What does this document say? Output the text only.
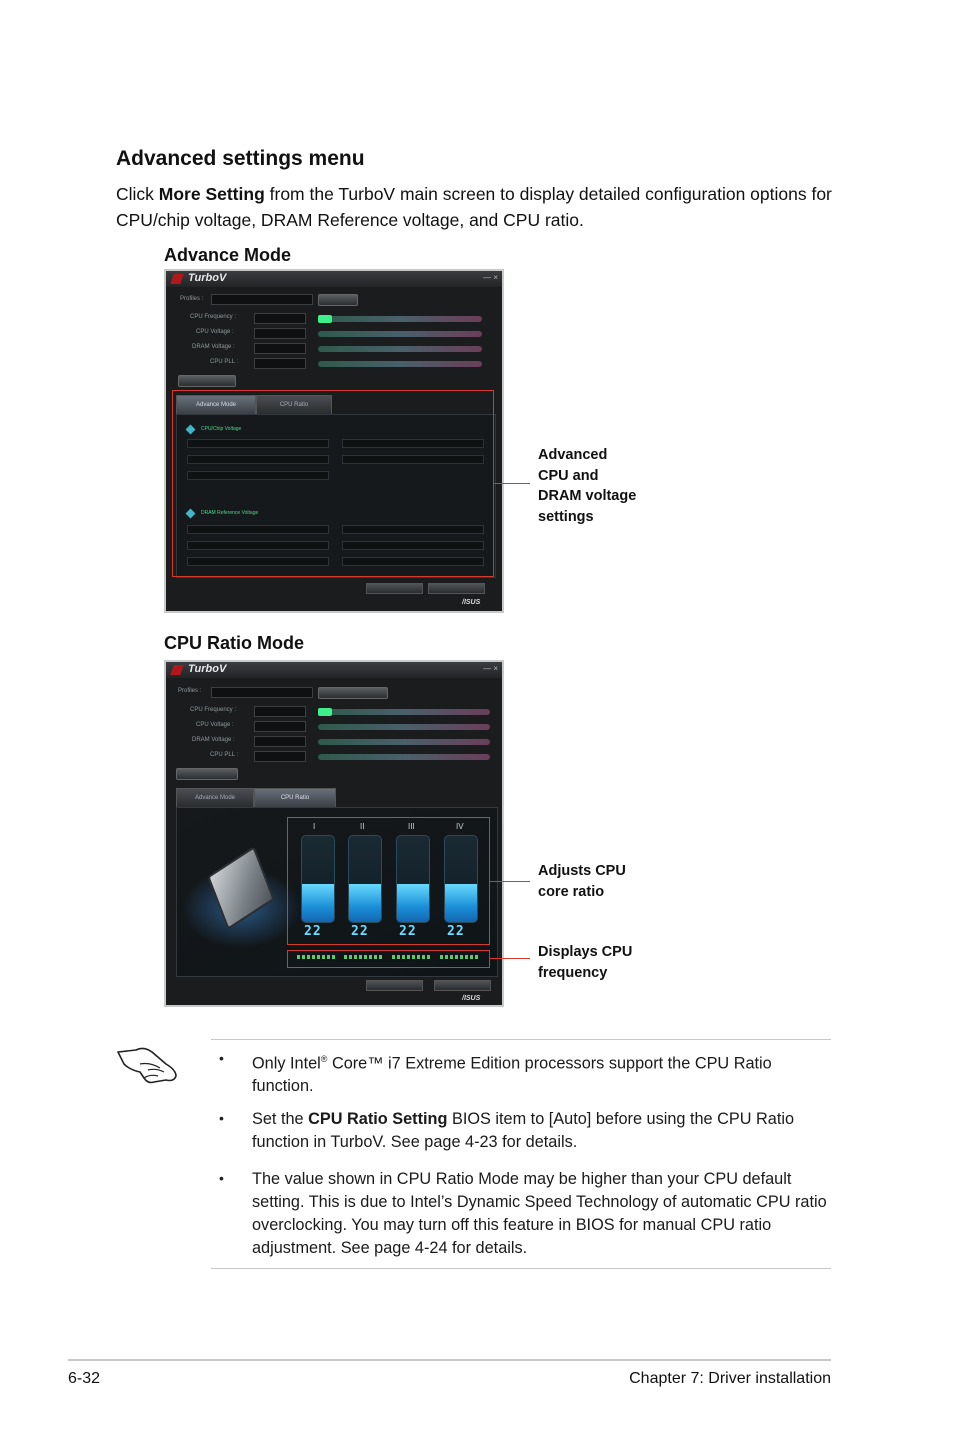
Advanced settings menu
Click More Setting from the TurboV main screen to display detailed configuration options for CPU/chip voltage, DRAM Reference voltage, and CPU ratio.
Advance Mode
TurboV	— ×
Profiles :
CPU Frequency :
CPU Voltage :
DRAM Voltage :
CPU PLL :
Advance Mode	CPU Ratio
CPU/Chip Voltage
DRAM Reference Voltage
/ISUS
Advanced
CPU and
DRAM voltage
settings
CPU Ratio Mode
TurboV	— ×
Profiles :
CPU Frequency :
CPU Voltage :
DRAM Voltage :
CPU PLL :
Advance Mode	CPU Ratio
/ISUS
I
22
II
22
III
22
IV
22
Adjusts CPU
core ratio
Displays CPU
frequency
• Only Intel® Core™ i7 Extreme Edition processors support the CPU Ratio function.
• Set the CPU Ratio Setting BIOS item to [Auto] before using the CPU Ratio function in TurboV. See page 4-23 for details.
• The value shown in CPU Ratio Mode may be higher than your CPU default setting. This is due to Intel’s Dynamic Speed Technology of automatic CPU ratio overclocking. You may turn off this feature in BIOS for manual CPU ratio adjustment. See page 4-24 for details.
6-32	Chapter 7: Driver installation
